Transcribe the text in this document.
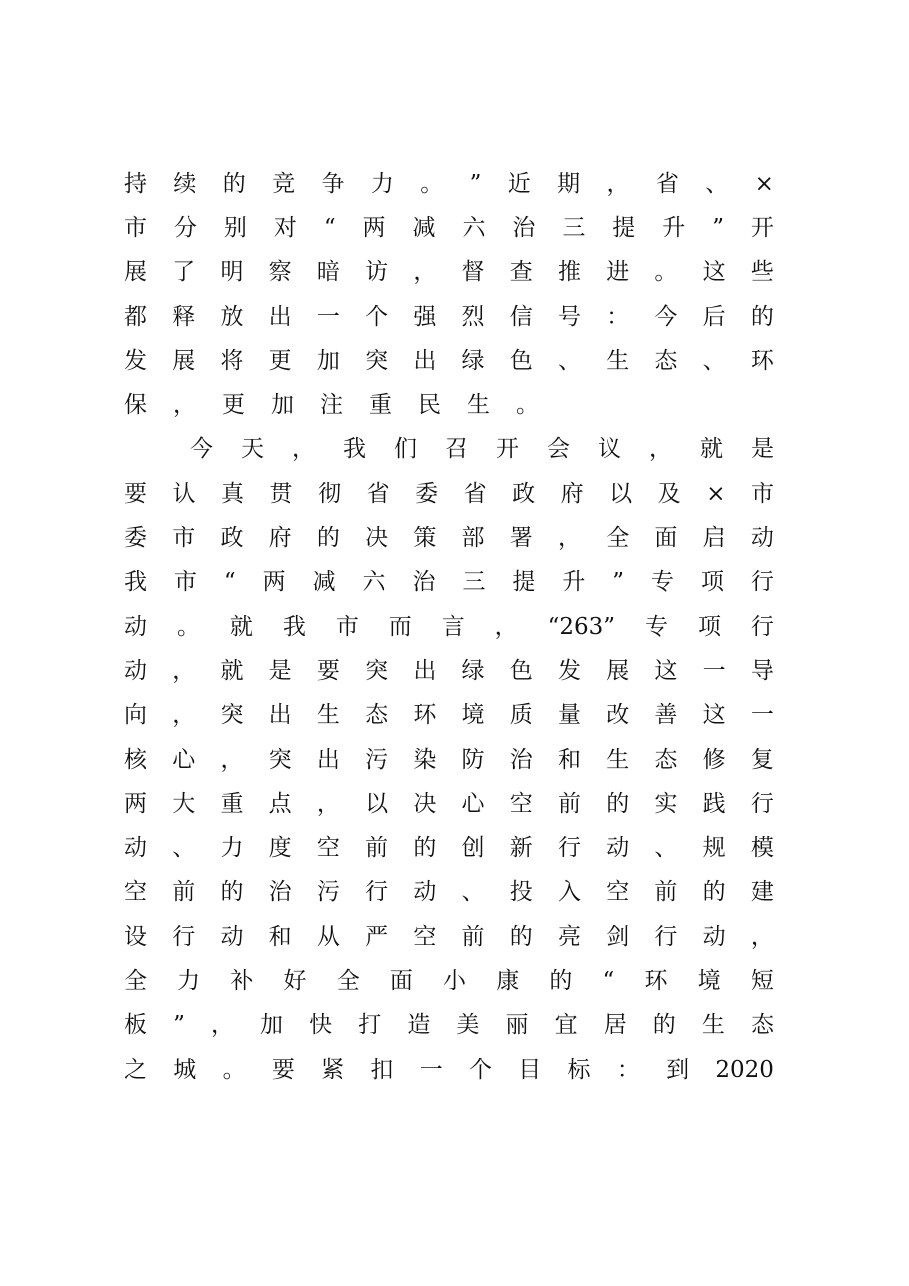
持 续 的 竞 争 力 。 ” 近 期 ， 省 、 ×
市 分 别 对 “ 两 减 六 治 三 提 升 ” 开
展 了 明 察 暗 访 ， 督 查 推 进 。 这 些
都 释 放 出 一 个 强 烈 信 号 ： 今 后 的
发 展 将 更 加 突 出 绿 色 、 生 态 、 环
保 ， 更 加 注 重 民 生 。
今 天 ， 我 们 召 开 会 议 ， 就 是
要 认 真 贯 彻 省 委 省 政 府 以 及 × 市
委 市 政 府 的 决 策 部 署 ， 全 面 启 动
我 市 “ 两 减 六 治 三 提 升 ” 专 项 行
动 。 就 我 市 而 言 ， “263” 专 项 行
动 ， 就 是 要 突 出 绿 色 发 展 这 一 导
向 ， 突 出 生 态 环 境 质 量 改 善 这 一
核 心 ， 突 出 污 染 防 治 和 生 态 修 复
两 大 重 点 ， 以 决 心 空 前 的 实 践 行
动 、 力 度 空 前 的 创 新 行 动 、 规 模
空 前 的 治 污 行 动 、 投 入 空 前 的 建
设 行 动 和 从 严 空 前 的 亮 剑 行 动 ，
全 力 补 好 全 面 小 康 的 “ 环 境 短
板 ” ， 加 快 打 造 美 丽 宜 居 的 生 态
之 城 。 要 紧 扣 一 个 目 标 ： 到 2020
